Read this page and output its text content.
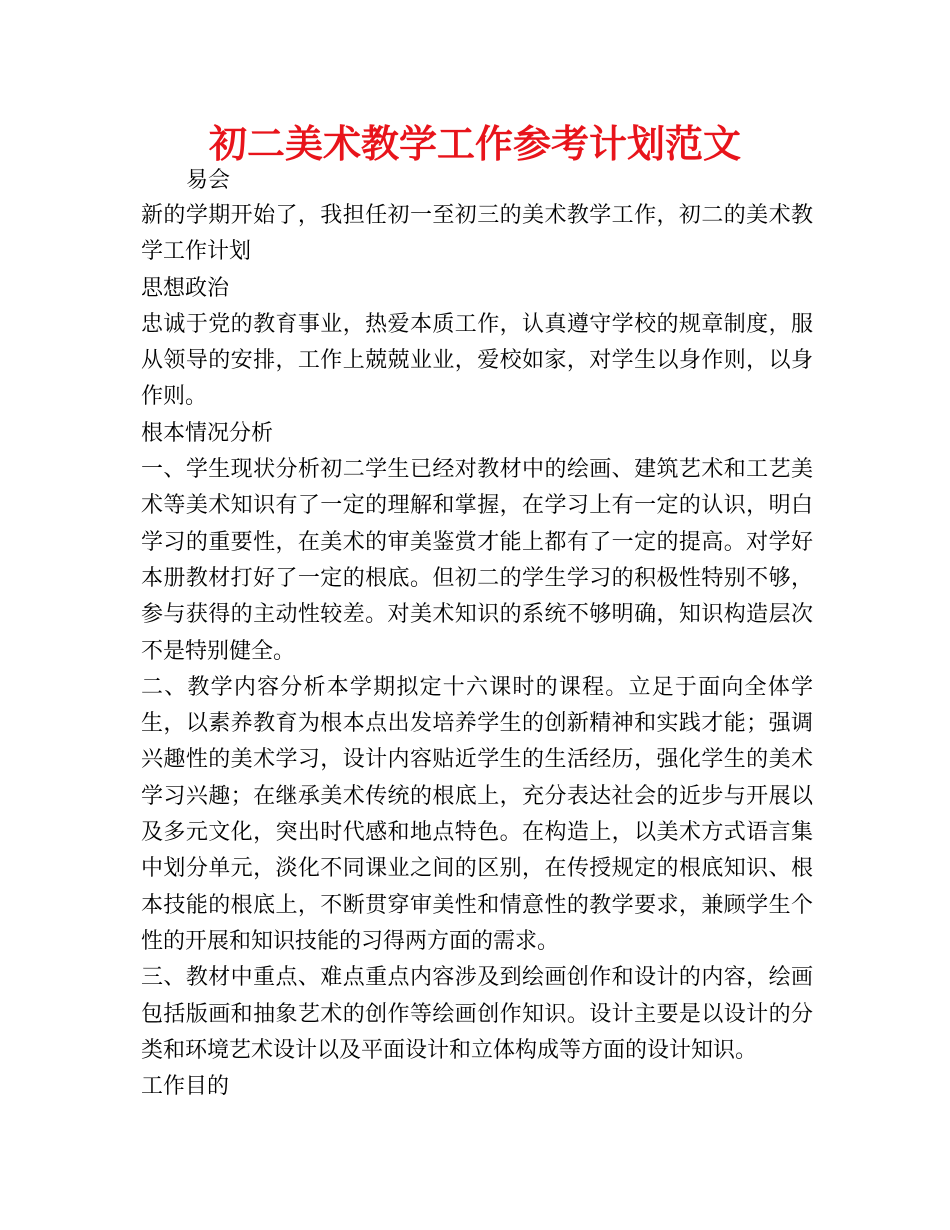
初二美术教学工作参考计划范文
易会

新的学期开始了，我担任初一至初三的美术教学工作，初二的美术教学工作计划

思想政治

忠诚于党的教育事业，热爱本质工作，认真遵守学校的规章制度，服从领导的安排，工作上兢兢业业，爱校如家，对学生以身作则，以身作则。

根本情况分析

一、学生现状分析初二学生已经对教材中的绘画、建筑艺术和工艺美术等美术知识有了一定的理解和掌握，在学习上有一定的认识，明白学习的重要性，在美术的审美鉴赏才能上都有了一定的提高。对学好本册教材打好了一定的根底。但初二的学生学习的积极性特别不够，参与获得的主动性较差。对美术知识的系统不够明确，知识构造层次不是特别健全。

二、教学内容分析本学期拟定十六课时的课程。立足于面向全体学生，以素养教育为根本点出发培养学生的创新精神和实践才能；强调兴趣性的美术学习，设计内容贴近学生的生活经历，强化学生的美术学习兴趣；在继承美术传统的根底上，充分表达社会的近步与开展以及多元文化，突出时代感和地点特色。在构造上，以美术方式语言集中划分单元，淡化不同课业之间的区别，在传授规定的根底知识、根本技能的根底上，不断贯穿审美性和情意性的教学要求，兼顾学生个性的开展和知识技能的习得两方面的需求。

三、教材中重点、难点重点内容涉及到绘画创作和设计的内容，绘画包括版画和抽象艺术的创作等绘画创作知识。设计主要是以设计的分类和环境艺术设计以及平面设计和立体构成等方面的设计知识。

工作目的
